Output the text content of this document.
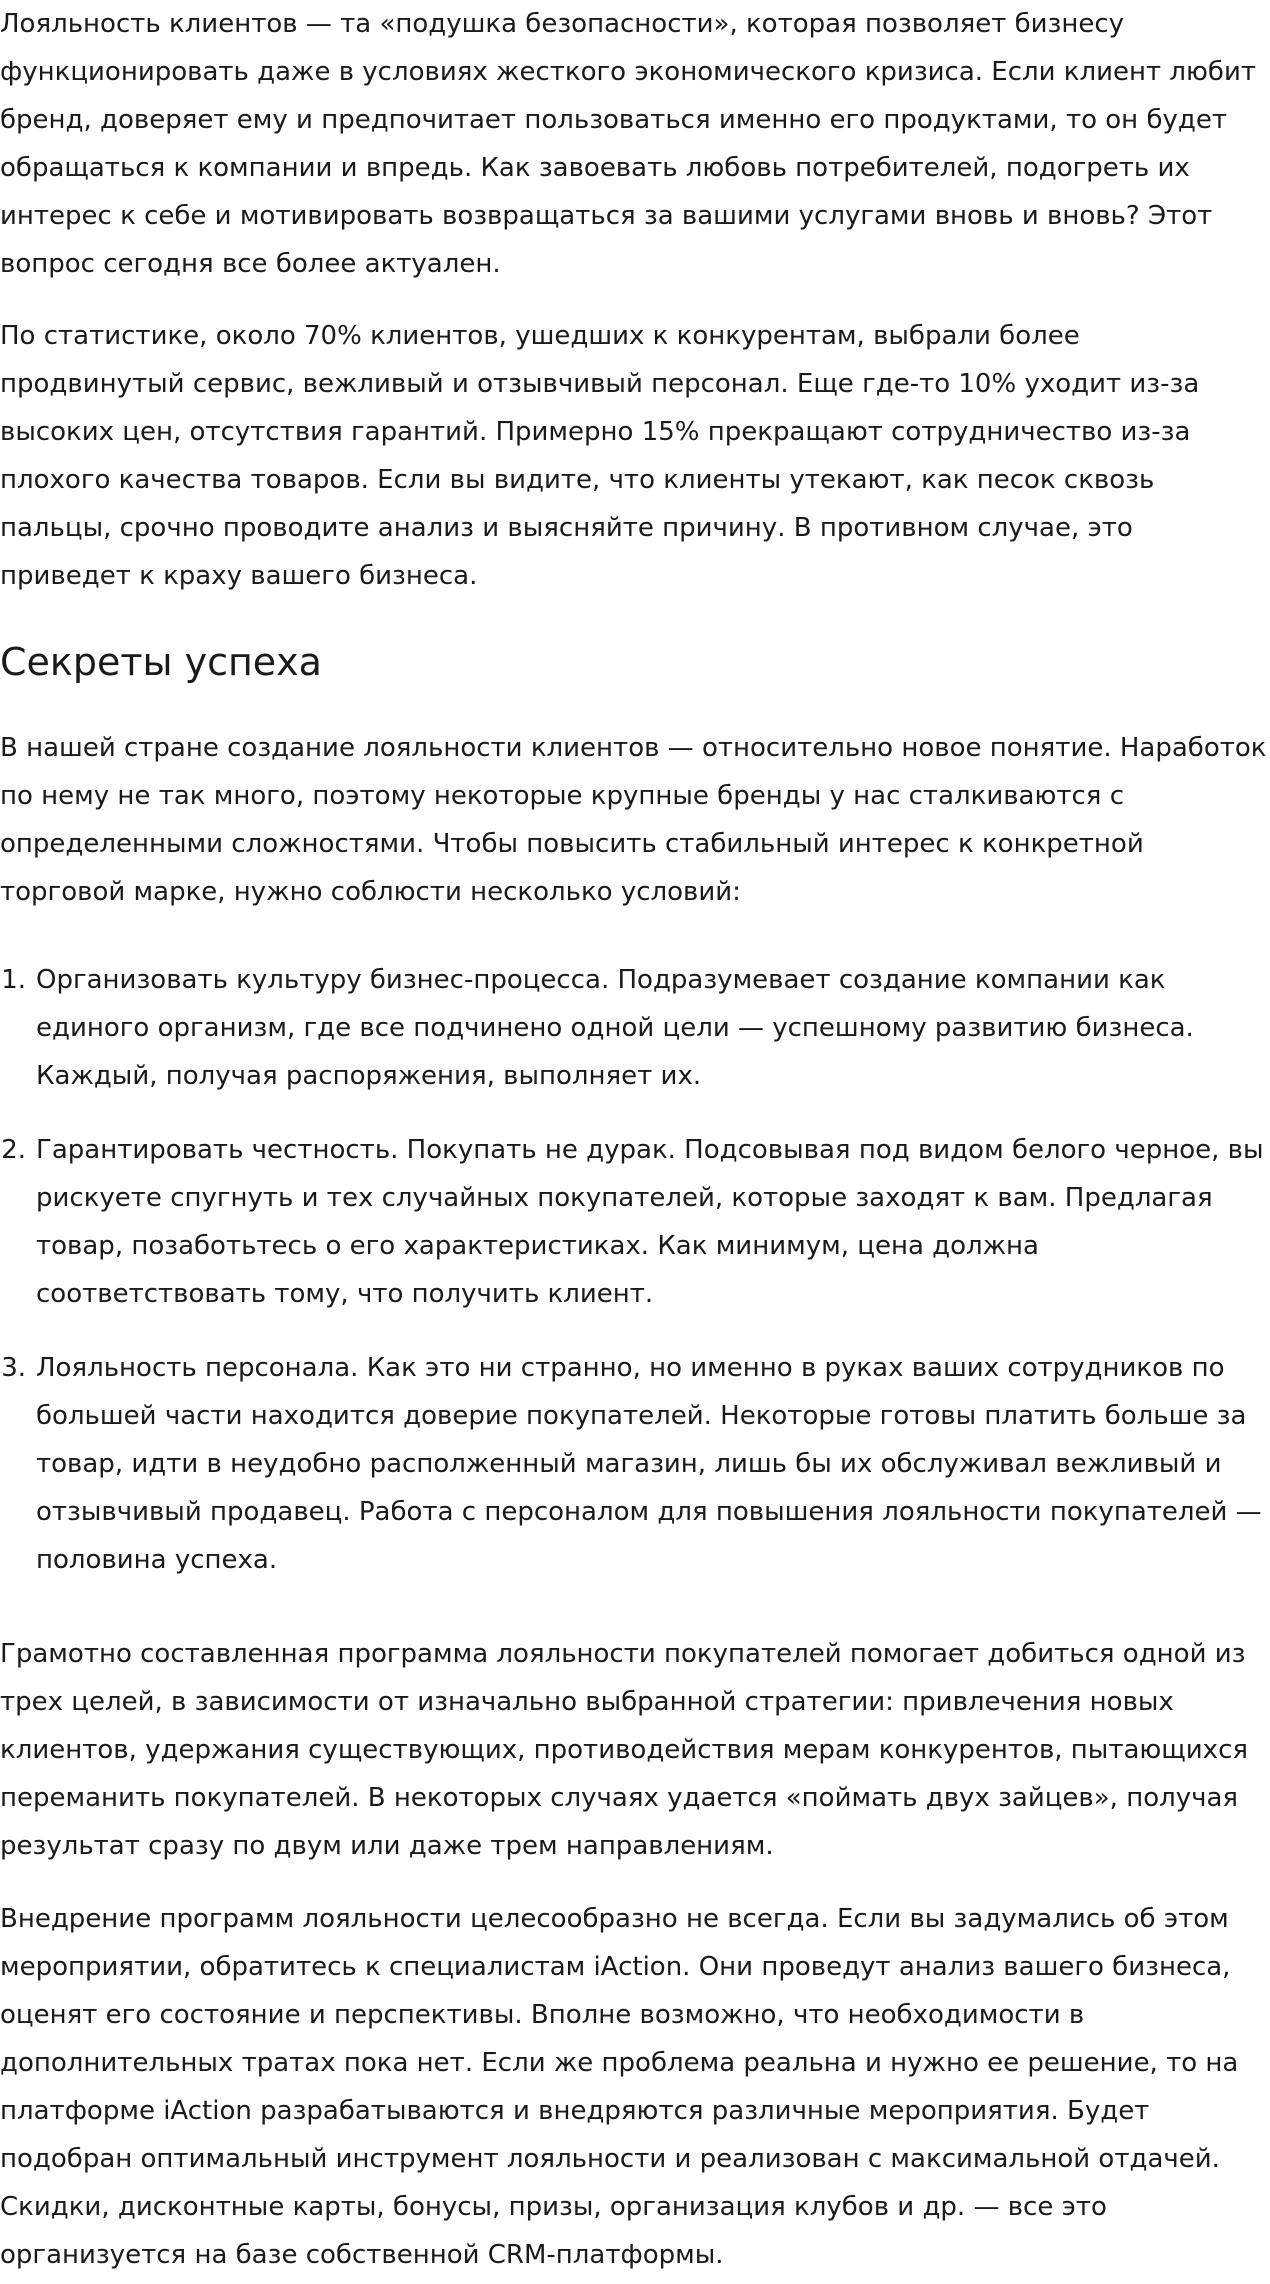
Лояльность клиентов — та «подушка безопасности», которая позволяет бизнесу функционировать даже в условиях жесткого экономического кризиса. Если клиент любит бренд, доверяет ему и предпочитает пользоваться именно его продуктами, то он будет обращаться к компании и впредь. Как завоевать любовь потребителей, подогреть их интерес к себе и мотивировать возвращаться за вашими услугами вновь и вновь? Этот вопрос сегодня все более актуален.

По статистике, около 70% клиентов, ушедших к конкурентам, выбрали более продвинутый сервис, вежливый и отзывчивый персонал. Еще где-то 10% уходит из-за высоких цен, отсутствия гарантий. Примерно 15% прекращают сотрудничество из-за плохого качества товаров. Если вы видите, что клиенты утекают, как песок сквозь пальцы, срочно проводите анализ и выясняйте причину. В противном случае, это приведет к краху вашего бизнеса.

Секреты успеха

В нашей стране создание лояльности клиентов — относительно новое понятие. Наработок по нему не так много, поэтому некоторые крупные бренды у нас сталкиваются с определенными сложностями. Чтобы повысить стабильный интерес к конкретной торговой марке, нужно соблюсти несколько условий:

1. Организовать культуру бизнес-процесса. Подразумевает создание компании как единого организм, где все подчинено одной цели — успешному развитию бизнеса. Каждый, получая распоряжения, выполняет их.
2. Гарантировать честность. Покупать не дурак. Подсовывая под видом белого черное, вы рискуете спугнуть и тех случайных покупателей, которые заходят к вам. Предлагая товар, позаботьтесь о его характеристиках. Как минимум, цена должна соответствовать тому, что получить клиент.
3. Лояльность персонала. Как это ни странно, но именно в руках ваших сотрудников по большей части находится доверие покупателей. Некоторые готовы платить больше за товар, идти в неудобно располженный магазин, лишь бы их обслуживал вежливый и отзывчивый продавец. Работа с персоналом для повышения лояльности покупателей — половина успеха.

Грамотно составленная программа лояльности покупателей помогает добиться одной из трех целей, в зависимости от изначально выбранной стратегии: привлечения новых клиентов, удержания существующих, противодействия мерам конкурентов, пытающихся переманить покупателей. В некоторых случаях удается «поймать двух зайцев», получая результат сразу по двум или даже трем направлениям.

Внедрение программ лояльности целесообразно не всегда. Если вы задумались об этом мероприятии, обратитесь к специалистам iAction. Они проведут анализ вашего бизнеса, оценят его состояние и перспективы. Вполне возможно, что необходимости в дополнительных тратах пока нет. Если же проблема реальна и нужно ее решение, то на платформе iAction разрабатываются и внедряются различные мероприятия. Будет подобран оптимальный инструмент лояльности и реализован с максимальной отдачей. Скидки, дисконтные карты, бонусы, призы, организация клубов и др. — все это организуется на базе собственной CRM-платформы.
